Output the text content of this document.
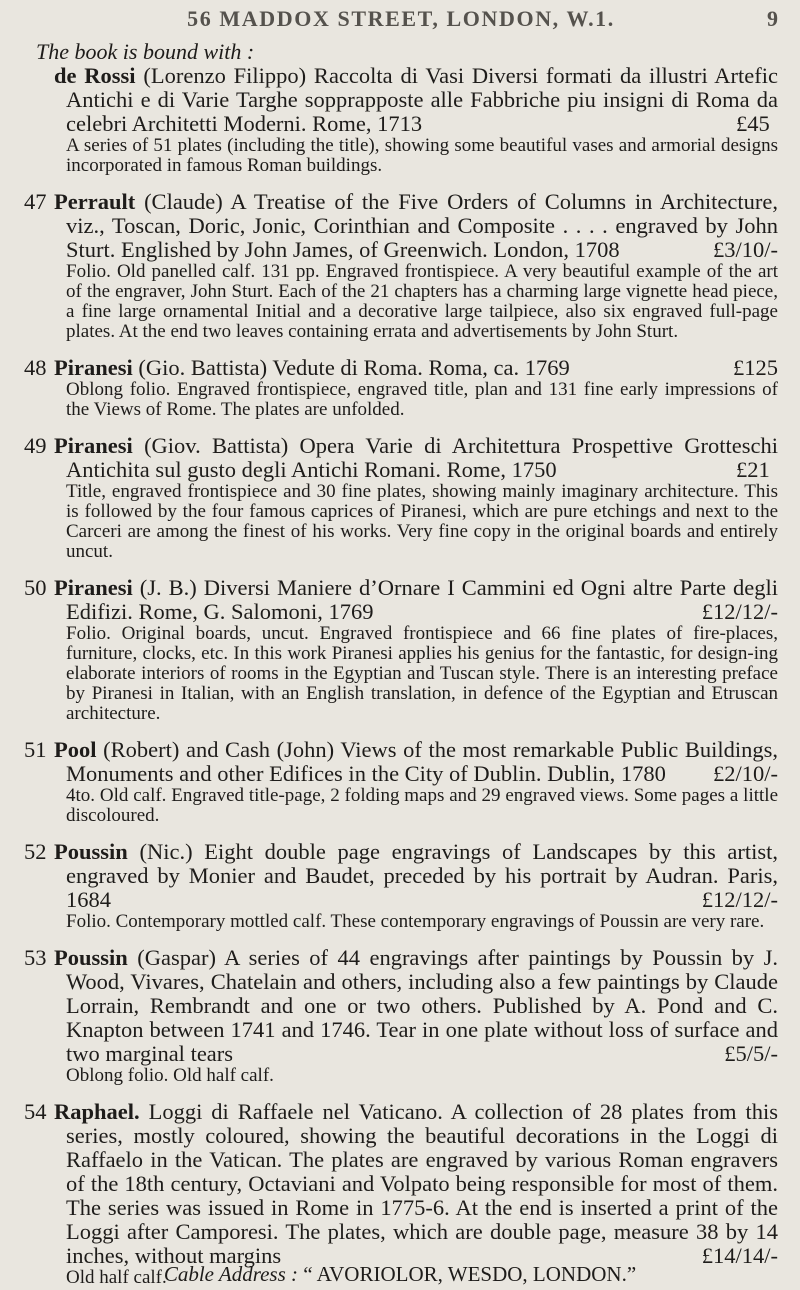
56 MADDOX STREET, LONDON, W.1.	9
The book is bound with :
de Rossi (Lorenzo Filippo) Raccolta di Vasi Diversi formati da illustri Artefic Antichi e di Varie Targhe sopprapposte alle Fabbriche piu insigni di Roma da celebri Architetti Moderni. Rome, 1713	£45
A series of 51 plates (including the title), showing some beautiful vases and armorial designs incorporated in famous Roman buildings.
47 Perrault (Claude) A Treatise of the Five Orders of Columns in Architecture, viz., Toscan, Doric, Jonic, Corinthian and Composite . . . . engraved by John Sturt. Englished by John James, of Greenwich. London, 1708	£3/10/-
Folio. Old panelled calf. 131 pp. Engraved frontispiece. A very beautiful example of the art of the engraver, John Sturt. Each of the 21 chapters has a charming large vignette head piece, a fine large ornamental Initial and a decorative large tailpiece, also six engraved full-page plates. At the end two leaves containing errata and advertisements by John Sturt.
48 Piranesi (Gio. Battista) Vedute di Roma. Roma, ca. 1769	£125
Oblong folio. Engraved frontispiece, engraved title, plan and 131 fine early impressions of the Views of Rome. The plates are unfolded.
49 Piranesi (Giov. Battista) Opera Varie di Architettura Prospettive Grotteschi Antichita sul gusto degli Antichi Romani. Rome, 1750	£21
Title, engraved frontispiece and 30 fine plates, showing mainly imaginary architecture. This is followed by the four famous caprices of Piranesi, which are pure etchings and next to the Carceri are among the finest of his works. Very fine copy in the original boards and entirely uncut.
50 Piranesi (J. B.) Diversi Maniere d’Ornare I Cammini ed Ogni altre Parte degli Edifizi. Rome, G. Salomoni, 1769	£12/12/-
Folio. Original boards, uncut. Engraved frontispiece and 66 fine plates of fire-places, furniture, clocks, etc. In this work Piranesi applies his genius for the fantastic, for design-ing elaborate interiors of rooms in the Egyptian and Tuscan style. There is an interesting preface by Piranesi in Italian, with an English translation, in defence of the Egyptian and Etruscan architecture.
51 Pool (Robert) and Cash (John) Views of the most remarkable Public Buildings, Monuments and other Edifices in the City of Dublin. Dublin, 1780 £2/10/-
4to. Old calf. Engraved title-page, 2 folding maps and 29 engraved views. Some pages a little discoloured.
52 Poussin (Nic.) Eight double page engravings of Landscapes by this artist, engraved by Monier and Baudet, preceded by his portrait by Audran. Paris, 1684	£12/12/-
Folio. Contemporary mottled calf. These contemporary engravings of Poussin are very rare.
53 Poussin (Gaspar) A series of 44 engravings after paintings by Poussin by J. Wood, Vivares, Chatelain and others, including also a few paintings by Claude Lorrain, Rembrandt and one or two others. Published by A. Pond and C. Knapton between 1741 and 1746. Tear in one plate without loss of surface and two marginal tears	£5/5/-
Oblong folio. Old half calf.
54 Raphael. Loggi di Raffaele nel Vaticano. A collection of 28 plates from this series, mostly coloured, showing the beautiful decorations in the Loggi di Raffaelo in the Vatican. The plates are engraved by various Roman engravers of the 18th century, Octaviani and Volpato being responsible for most of them. The series was issued in Rome in 1775-6. At the end is inserted a print of the Loggi after Camporesi. The plates, which are double page, measure 38 by 14 inches, without margins	£14/14/-
Old half calf.
Cable Address : “ AVORIOLOR, WESDO, LONDON.”
